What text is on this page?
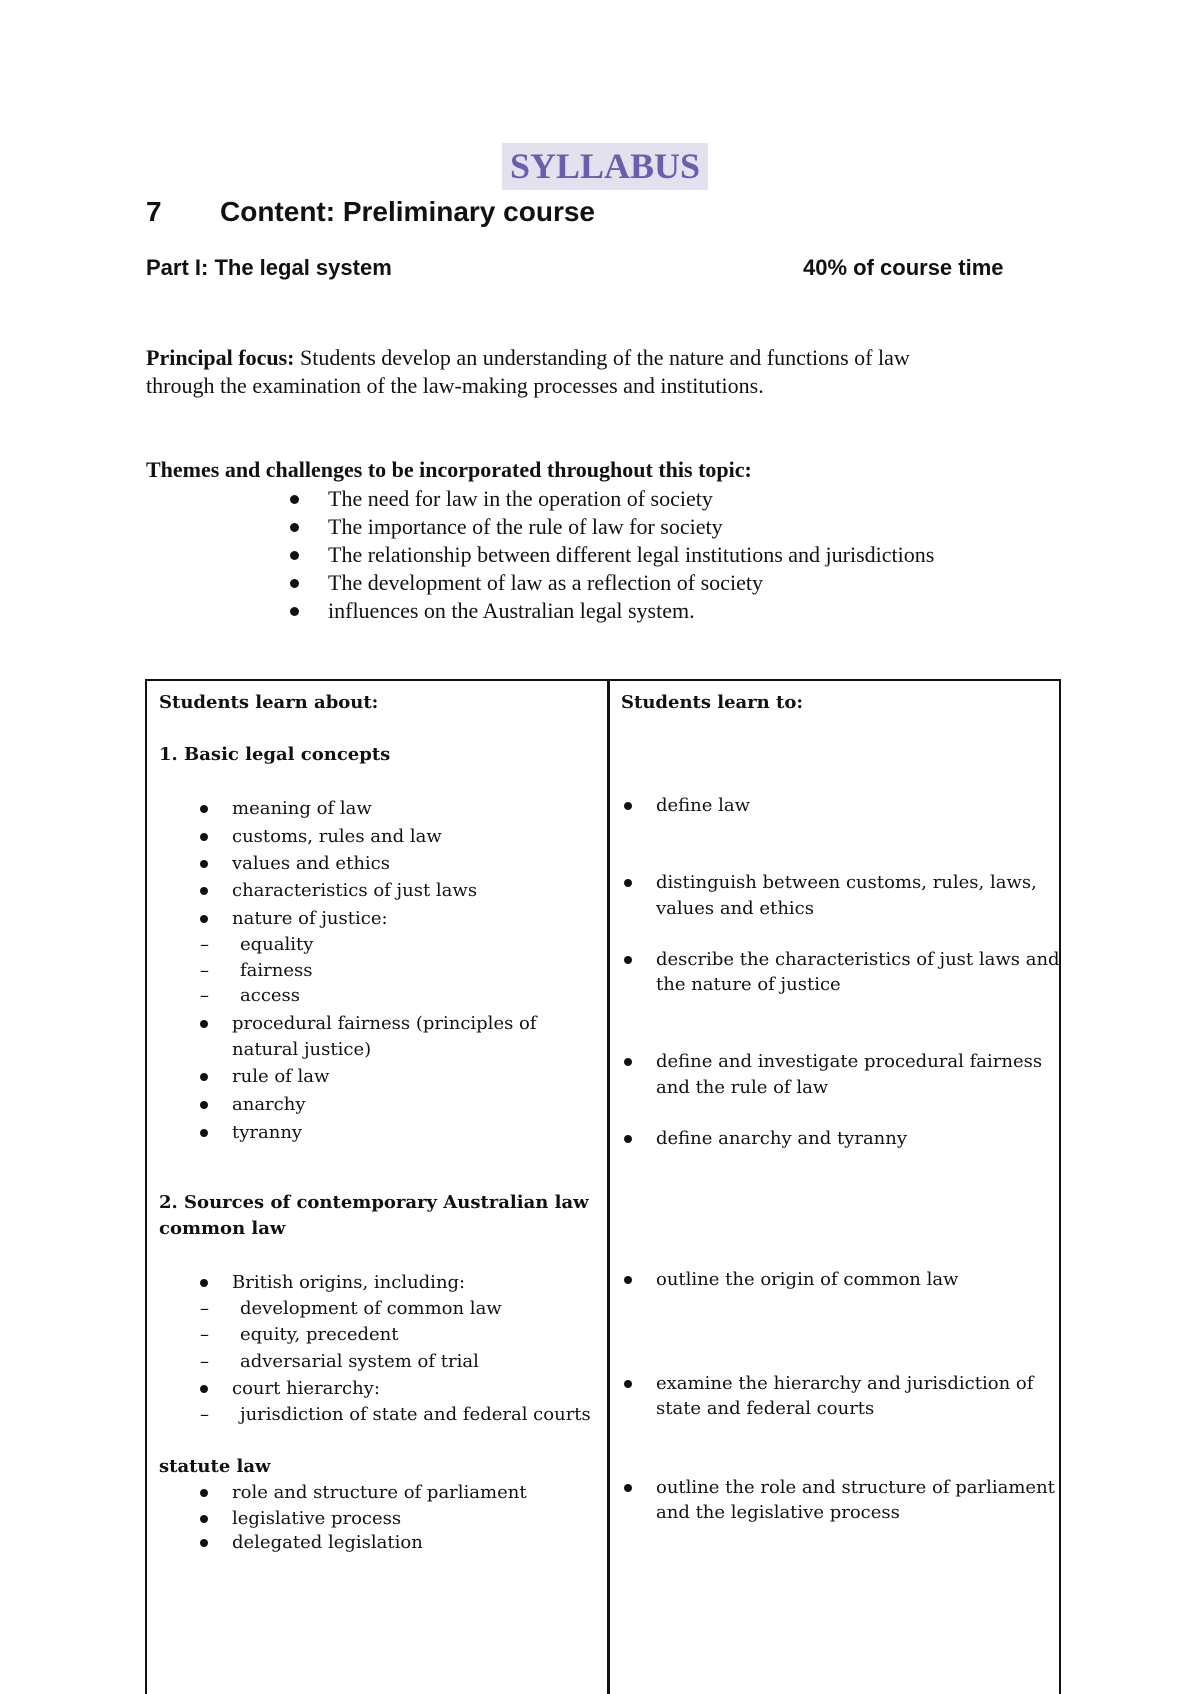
SYLLABUS
7 Content: Preliminary course
Part I: The legal system	40% of course time
Principal focus: Students develop an understanding of the nature and functions of law
through the examination of the law-making processes and institutions.
Themes and challenges to be incorporated throughout this topic:
The need for law in the operation of society
The importance of the rule of law for society
The relationship between different legal institutions and jurisdictions
The development of law as a reflection of society
influences on the Australian legal system.
Students learn about:	Students learn to:
1. Basic legal concepts
meaning of law
customs, rules and law
values and ethics
characteristics of just laws
nature of justice:
– equality
– fairness
– access
procedural fairness (principles of
natural justice)
rule of law
anarchy
tyranny
2. Sources of contemporary Australian law
common law
British origins, including:
– development of common law
– equity, precedent
– adversarial system of trial
court hierarchy:
– jurisdiction of state and federal courts
statute law
role and structure of parliament
legislative process
delegated legislation
define law
distinguish between customs, rules, laws,
values and ethics
describe the characteristics of just laws and
the nature of justice
define and investigate procedural fairness
and the rule of law
define anarchy and tyranny
outline the origin of common law
examine the hierarchy and jurisdiction of
state and federal courts
outline the role and structure of parliament
and the legislative process
